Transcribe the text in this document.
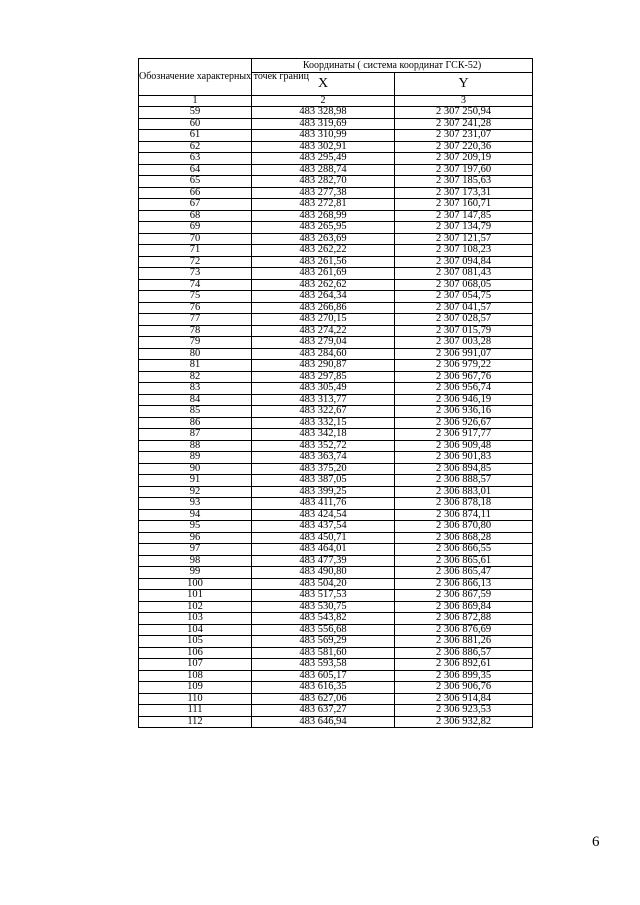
Обозначение характерных точек границ	Координаты ( система координат ГСК-52)	
	X	Y
1	2	3
59	483 328,98	2 307 250,94
60	483 319,69	2 307 241,28
61	483 310,99	2 307 231,07
62	483 302,91	2 307 220,36
63	483 295,49	2 307 209,19
64	483 288,74	2 307 197,60
65	483 282,70	2 307 185,63
66	483 277,38	2 307 173,31
67	483 272,81	2 307 160,71
68	483 268,99	2 307 147,85
69	483 265,95	2 307 134,79
70	483 263,69	2 307 121,57
71	483 262,22	2 307 108,23
72	483 261,56	2 307 094,84
73	483 261,69	2 307 081,43
74	483 262,62	2 307 068,05
75	483 264,34	2 307 054,75
76	483 266,86	2 307 041,57
77	483 270,15	2 307 028,57
78	483 274,22	2 307 015,79
79	483 279,04	2 307 003,28
80	483 284,60	2 306 991,07
81	483 290,87	2 306 979,22
82	483 297,85	2 306 967,76
83	483 305,49	2 306 956,74
84	483 313,77	2 306 946,19
85	483 322,67	2 306 936,16
86	483 332,15	2 306 926,67
87	483 342,18	2 306 917,77
88	483 352,72	2 306 909,48
89	483 363,74	2 306 901,83
90	483 375,20	2 306 894,85
91	483 387,05	2 306 888,57
92	483 399,25	2 306 883,01
93	483 411,76	2 306 878,18
94	483 424,54	2 306 874,11
95	483 437,54	2 306 870,80
96	483 450,71	2 306 868,28
97	483 464,01	2 306 866,55
98	483 477,39	2 306 865,61
99	483 490,80	2 306 865,47
100	483 504,20	2 306 866,13
101	483 517,53	2 306 867,59
102	483 530,75	2 306 869,84
103	483 543,82	2 306 872,88
104	483 556,68	2 306 876,69
105	483 569,29	2 306 881,26
106	483 581,60	2 306 886,57
107	483 593,58	2 306 892,61
108	483 605,17	2 306 899,35
109	483 616,35	2 306 906,76
110	483 627,06	2 306 914,84
111	483 637,27	2 306 923,53
112	483 646,94	2 306 932,82
6
